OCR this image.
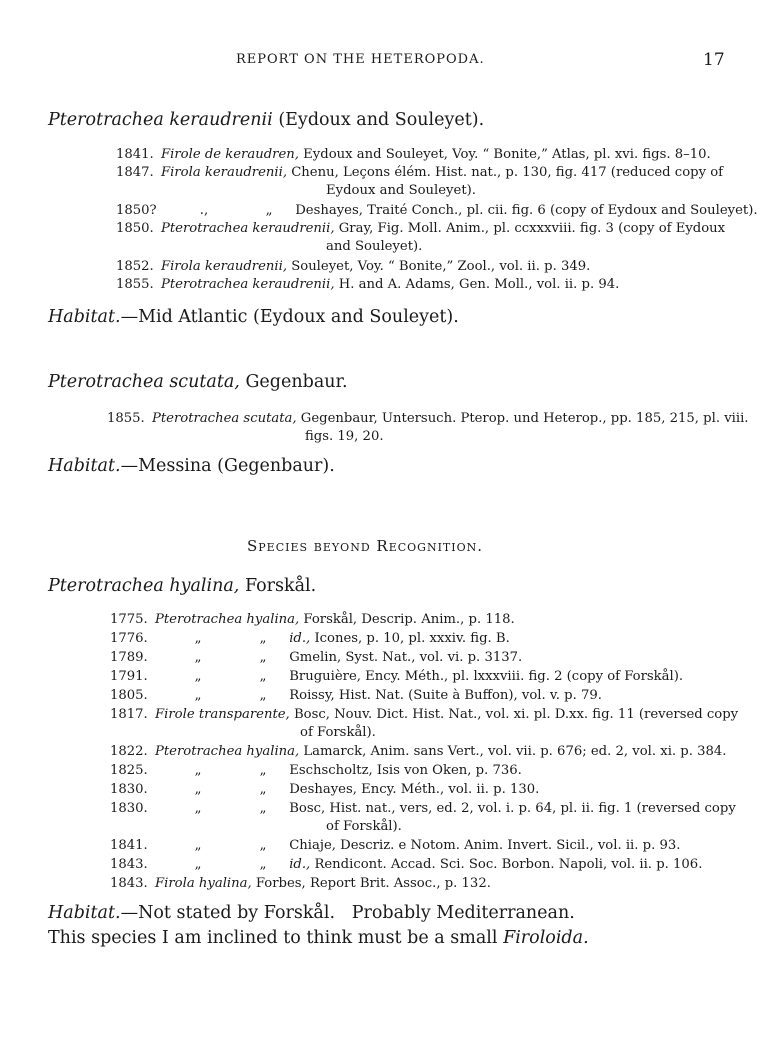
REPORT ON THE HETEROPODA.	17
Pterotrachea keraudrenii (Eydoux and Souleyet).
1841. Firole de keraudren, Eydoux and Souleyet, Voy. “ Bonite,” Atlas, pl. xvi. figs. 8–10.
1847. Firola keraudrenii, Chenu, Leçons élém. Hist. nat., p. 130, fig. 417 (reduced copy of
Eydoux and Souleyet).
1850?	.,	„ Deshayes, Traité Conch., pl. cii. fig. 6 (copy of Eydoux and Souleyet).
1850. Pterotrachea keraudrenii, Gray, Fig. Moll. Anim., pl. ccxxxviii. fig. 3 (copy of Eydoux
and Souleyet).
1852. Firola keraudrenii, Souleyet, Voy. “ Bonite,” Zool., vol. ii. p. 349.
1855. Pterotrachea keraudrenii, H. and A. Adams, Gen. Moll., vol. ii. p. 94.
Habitat.—Mid Atlantic (Eydoux and Souleyet).
Pterotrachea scutata, Gegenbaur.
1855. Pterotrachea scutata, Gegenbaur, Untersuch. Pterop. und Heterop., pp. 185, 215, pl. viii.
figs. 19, 20.
Habitat.—Messina (Gegenbaur).
Species beyond Recognition.
Pterotrachea hyalina, Forskål.
1775. Pterotrachea hyalina, Forskål, Descrip. Anim., p. 118.
1776.	„	„ id., Icones, p. 10, pl. xxxiv. fig. B.
1789.	„	„ Gmelin, Syst. Nat., vol. vi. p. 3137.
1791.	„	„ Bruguière, Ency. Méth., pl. lxxxviii. fig. 2 (copy of Forskål).
1805.	„	„ Roissy, Hist. Nat. (Suite à Buffon), vol. v. p. 79.
1817. Firole transparente, Bosc, Nouv. Dict. Hist. Nat., vol. xi. pl. D.xx. fig. 11 (reversed copy
of Forskål).
1822. Pterotrachea hyalina, Lamarck, Anim. sans Vert., vol. vii. p. 676; ed. 2, vol. xi. p. 384.
1825.	„	„ Eschscholtz, Isis von Oken, p. 736.
1830.	„	„ Deshayes, Ency. Méth., vol. ii. p. 130.
1830.	„	„ Bosc, Hist. nat., vers, ed. 2, vol. i. p. 64, pl. ii. fig. 1 (reversed copy
of Forskål).
1841.	„	„ Chiaje, Descriz. e Notom. Anim. Invert. Sicil., vol. ii. p. 93.
1843.	„	„ id., Rendicont. Accad. Sci. Soc. Borbon. Napoli, vol. ii. p. 106.
1843. Firola hyalina, Forbes, Report Brit. Assoc., p. 132.
Habitat.—Not stated by Forskål.   Probably Mediterranean.
This species I am inclined to think must be a small Firoloida.
